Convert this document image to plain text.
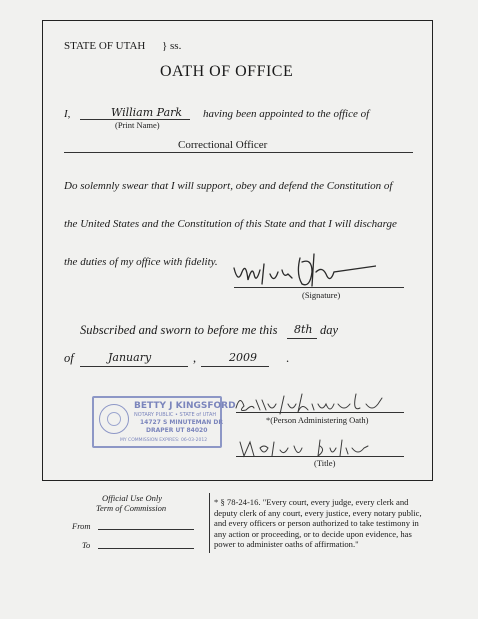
STATE OF UTAH } ss.
OATH OF OFFICE
I,	William Park
(Print Name)
having been appointed to the office of
Correctional Officer
Do solemnly swear that I will support, obey and defend the Constitution of
the United States and the Constitution of this State and that I will discharge
the duties of my office with fidelity.
(Signature)
Subscribed and sworn to before me this 8th day
of	January	,	2009 .
BETTY J KINGSFORD
NOTARY PUBLIC • STATE of UTAH
14727 S MINUTEMAN DR
DRAPER UT 84020
MY COMMISSION EXPIRES: 06-03-2012
*(Person Administering Oath)
(Title)
Official Use Only
Term of Commission
From
To
* § 78-24-16. "Every court, every judge, every clerk and deputy clerk of any court, every justice, every notary public, and every officers or person authorized to take testimony in any action or proceeding, or to decide upon evidence, has power to administer oaths of affirmation."
